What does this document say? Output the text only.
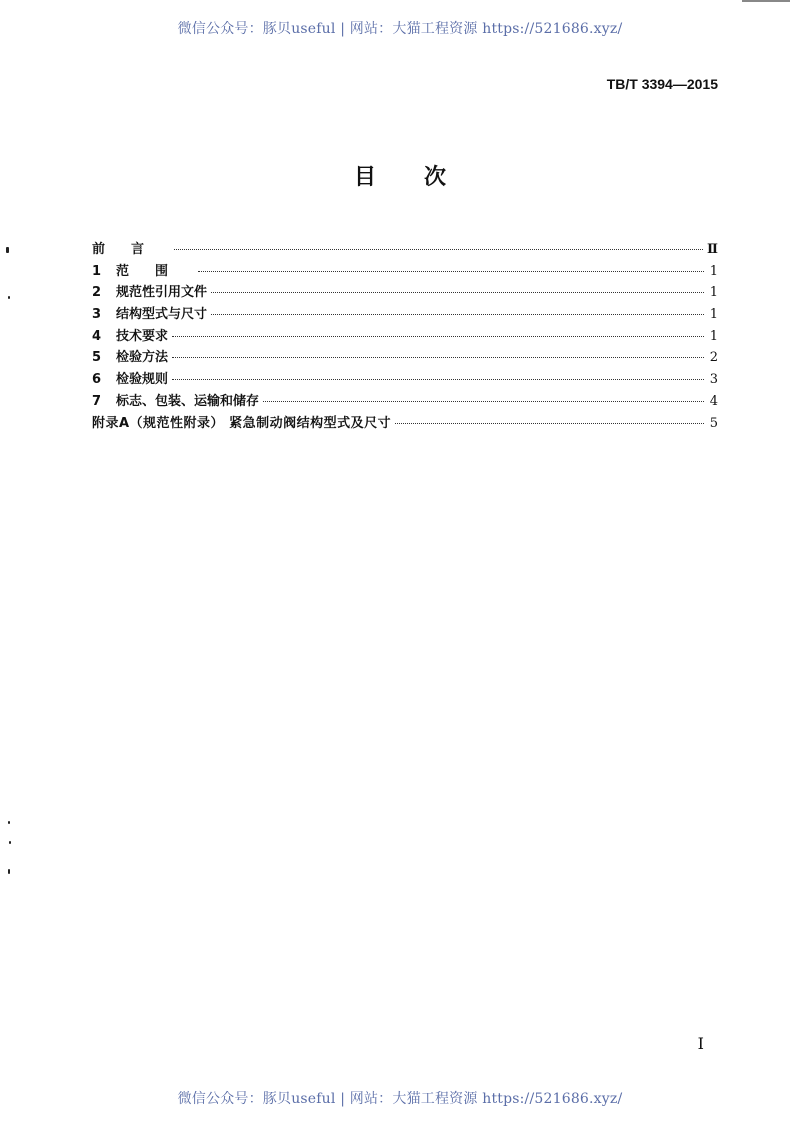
微信公众号：豚贝useful | 网站：大猫工程资源 https://521686.xyz/
TB/T 3394—2015
目次
前言	Ⅱ
1	范围	1
2	规范性引用文件	1
3	结构型式与尺寸	1
4	技术要求	1
5	检验方法	2
6	检验规则	3
7	标志、包装、运输和储存	4
附录A（规范性附录） 紧急制动阀结构型式及尺寸	5
I
微信公众号：豚贝useful | 网站：大猫工程资源 https://521686.xyz/
